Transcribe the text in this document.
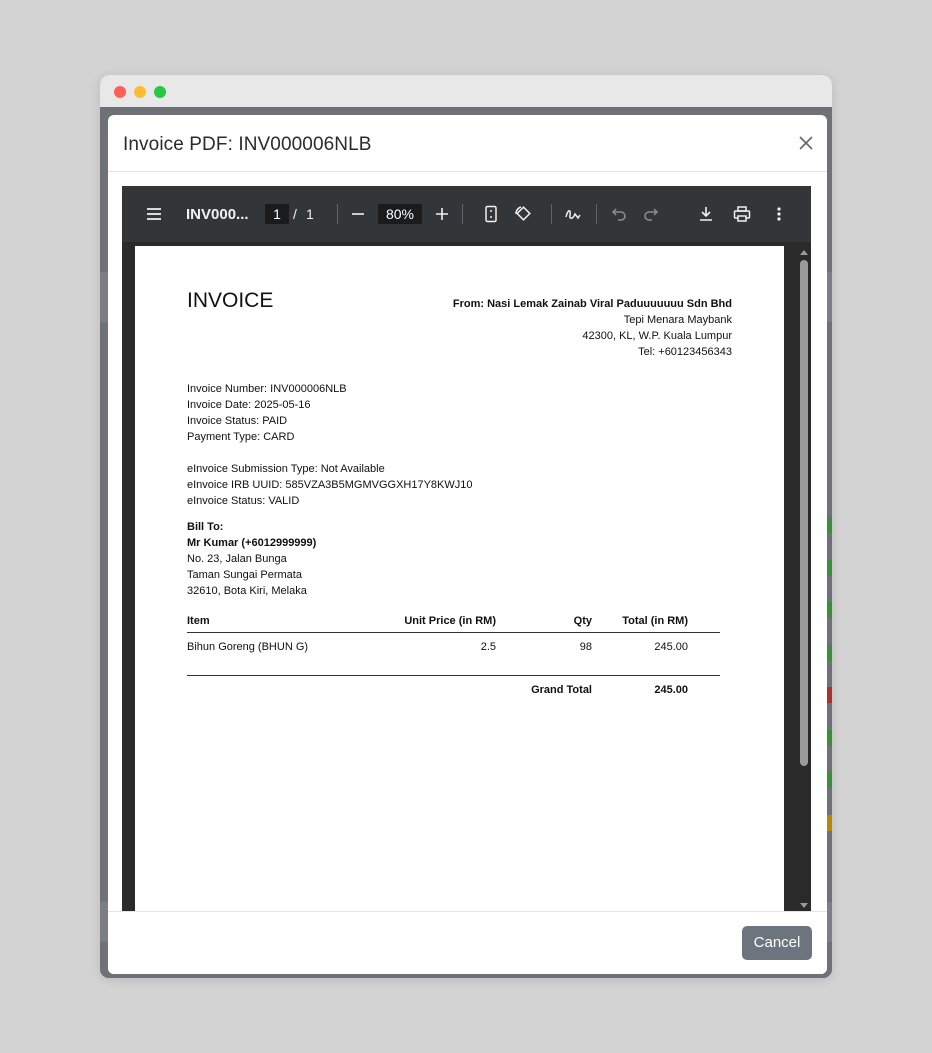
Invoice PDF: INV000006NLB
INV000...	1 / 1	80%
INVOICE	From: Nasi Lemak Zainab Viral Paduuuuuuu Sdn Bhd
Tepi Menara Maybank
42300, KL, W.P. Kuala Lumpur
Tel: +60123456343
Invoice Number: INV000006NLB
Invoice Date: 2025-05-16
Invoice Status: PAID
Payment Type: CARD
eInvoice Submission Type: Not Available
eInvoice IRB UUID: 585VZA3B5MGMVGGXH17Y8KWJ10
eInvoice Status: VALID
Bill To:
Mr Kumar (+6012999999)
No. 23, Jalan Bunga
Taman Sungai Permata
32610, Bota Kiri, Melaka
Item	Unit Price (in RM)	Qty	Total (in RM)
Bihun Goreng (BHUN G)	2.5	98	245.00
Grand Total	245.00
Cancel
